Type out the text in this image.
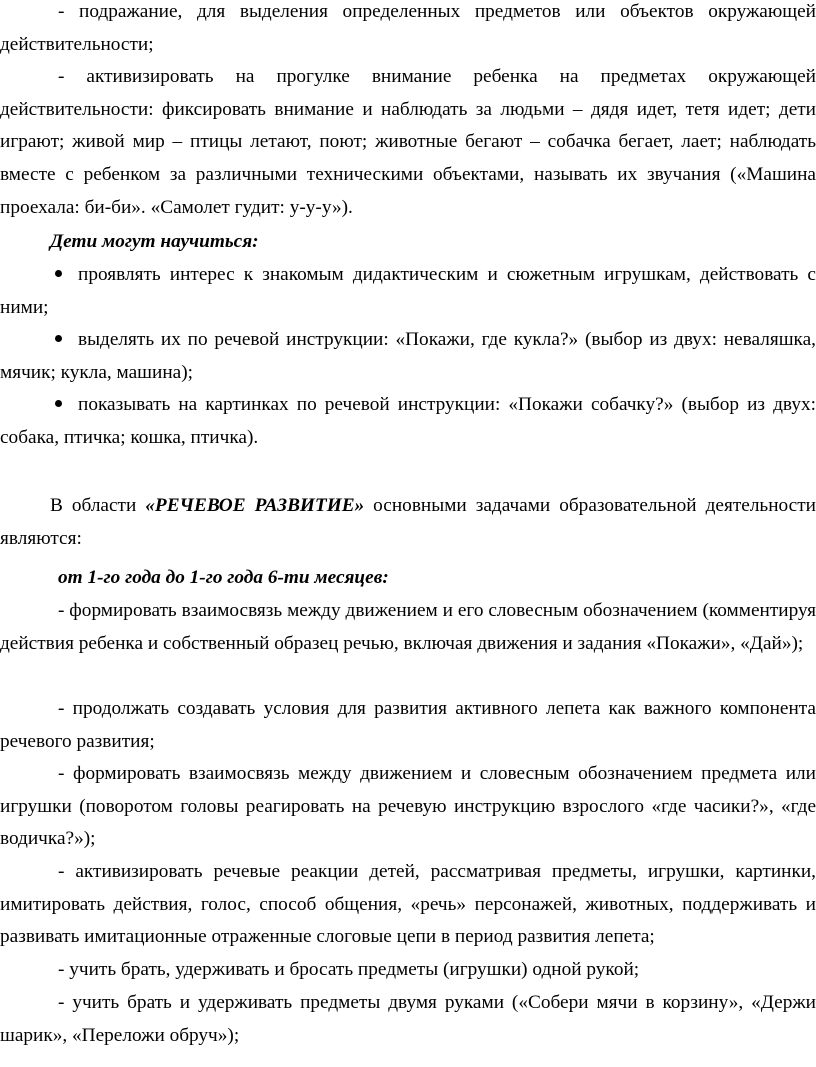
- подражание, для выделения определенных предметов или объектов окружающей действительности;

- активизировать на прогулке внимание ребенка на предметах окружающей действительности: фиксировать внимание и наблюдать за людьми – дядя идет, тетя идет; дети играют; живой мир – птицы летают, поют; животные бегают – собачка бегает, лает; наблюдать вместе с ребенком за различными техническими объектами, называть их звучания («Машина проехала: би-би». «Самолет гудит: у-у-у»).

Дети могут научиться:

проявлять интерес к знакомым дидактическим и сюжетным игрушкам, действовать с ними;

выделять их по речевой инструкции: «Покажи, где кукла?» (выбор из двух: неваляшка, мячик; кукла, машина);

показывать на картинках по речевой инструкции: «Покажи собачку?» (выбор из двух: собака, птичка; кошка, птичка).

В области «РЕЧЕВОЕ РАЗВИТИЕ» основными задачами образовательной деятельности являются:

от 1-го года до 1-го года 6-ти месяцев:

- формировать взаимосвязь между движением и его словесным обозначением (комментируя действия ребенка и собственный образец речью, включая движения и задания «Покажи», «Дай»);

- продолжать создавать условия для развития активного лепета как важного компонента речевого развития;

- формировать взаимосвязь между движением и словесным обозначением предмета или игрушки (поворотом головы реагировать на речевую инструкцию взрослого «где часики?», «где водичка?»);

- активизировать речевые реакции детей, рассматривая предметы, игрушки, картинки, имитировать действия, голос, способ общения, «речь» персонажей, животных, поддерживать и развивать имитационные отраженные слоговые цепи в период развития лепета;

- учить брать, удерживать и бросать предметы (игрушки) одной рукой;

- учить брать и удерживать предметы двумя руками («Собери мячи в корзину», «Держи шарик», «Переложи обруч»);
